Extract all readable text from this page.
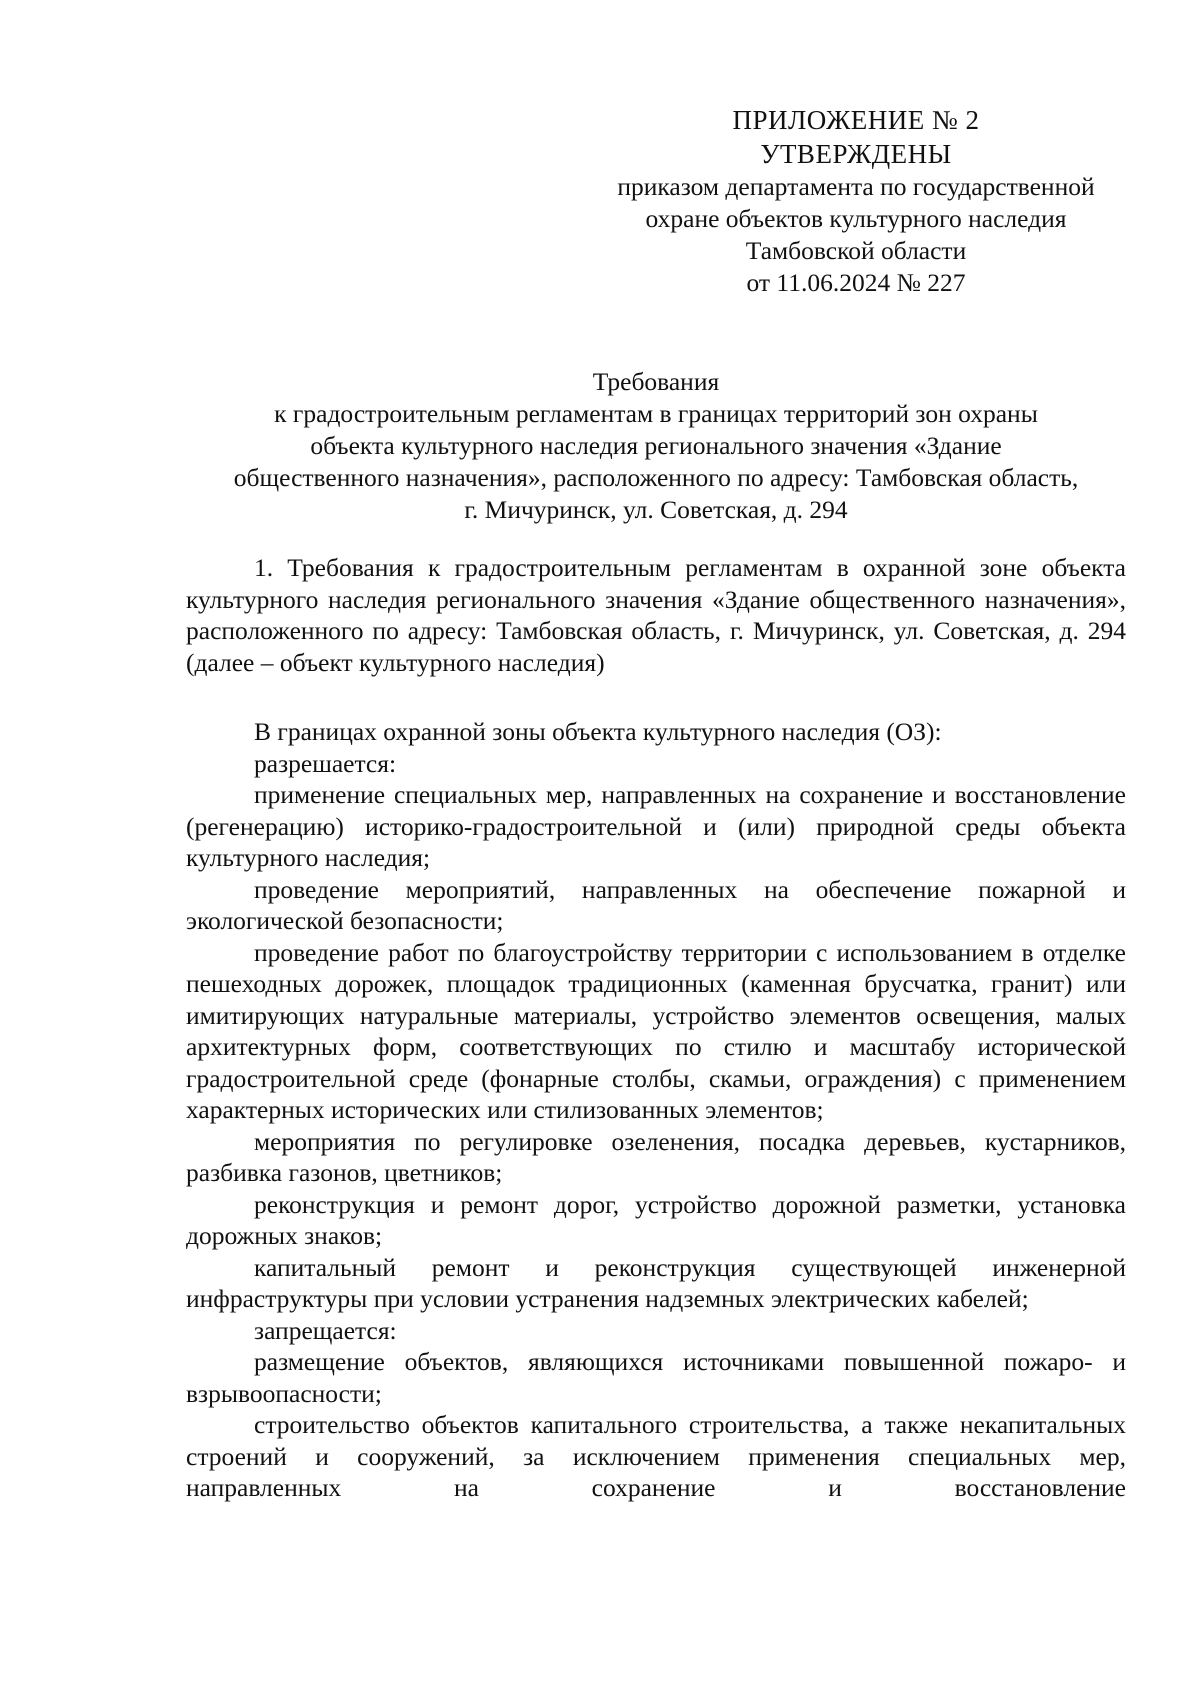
ПРИЛОЖЕНИЕ № 2
УТВЕРЖДЕНЫ
приказом департамента по государственной
охране объектов культурного наследия
Тамбовской области
от 11.06.2024 № 227
Требования
к градостроительным регламентам в границах территорий зон охраны
объекта культурного наследия регионального значения «Здание
общественного назначения», расположенного по адресу: Тамбовская область,
г. Мичуринск, ул. Советская, д. 294

1. Требования к градостроительным регламентам в охранной зоне объекта культурного наследия регионального значения «Здание общественного назначения», расположенного по адресу: Тамбовская область, г. Мичуринск, ул. Советская, д. 294 (далее – объект культурного наследия)

В границах охранной зоны объекта культурного наследия (ОЗ):

разрешается:

применение специальных мер, направленных на сохранение и восстановление (регенерацию) историко-градостроительной и (или) природной среды объекта культурного наследия;

проведение мероприятий, направленных на обеспечение пожарной и экологической безопасности;

проведение работ по благоустройству территории с использованием в отделке пешеходных дорожек, площадок традиционных (каменная брусчатка, гранит) или имитирующих натуральные материалы, устройство элементов освещения, малых архитектурных форм, соответствующих по стилю и масштабу исторической градостроительной среде (фонарные столбы, скамьи, ограждения) с применением характерных исторических или стилизованных элементов;

мероприятия по регулировке озеленения, посадка деревьев, кустарников, разбивка газонов, цветников;

реконструкция и ремонт дорог, устройство дорожной разметки, установка дорожных знаков;

капитальный ремонт и реконструкция существующей инженерной инфраструктуры при условии устранения надземных электрических кабелей;

запрещается:

размещение объектов, являющихся источниками повышенной пожаро- и взрывоопасности;

строительство объектов капитального строительства, а также некапитальных строений и сооружений, за исключением применения специальных мер, направленных на сохранение и восстановление
